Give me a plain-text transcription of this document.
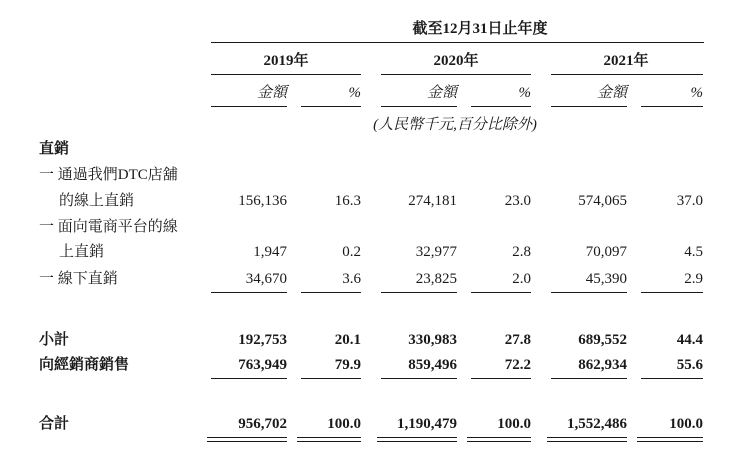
截至12月31日止年度
2019年	2020年	2021年
金額	%	金額	%	金額	%
(人民幣千元,百分比除外)
直銷
一 通過我們DTC店舖
的線上直銷	156,136	16.3	274,181	23.0	574,065	37.0
一 面向電商平台的線
上直銷	1,947	0.2	32,977	2.8	70,097	4.5
一 線下直銷	34,670	3.6	23,825	2.0	45,390	2.9
小計	192,753	20.1	330,983	27.8	689,552	44.4
向經銷商銷售	763,949	79.9	859,496	72.2	862,934	55.6
合計	956,702	100.0	1,190,479	100.0	1,552,486	100.0
